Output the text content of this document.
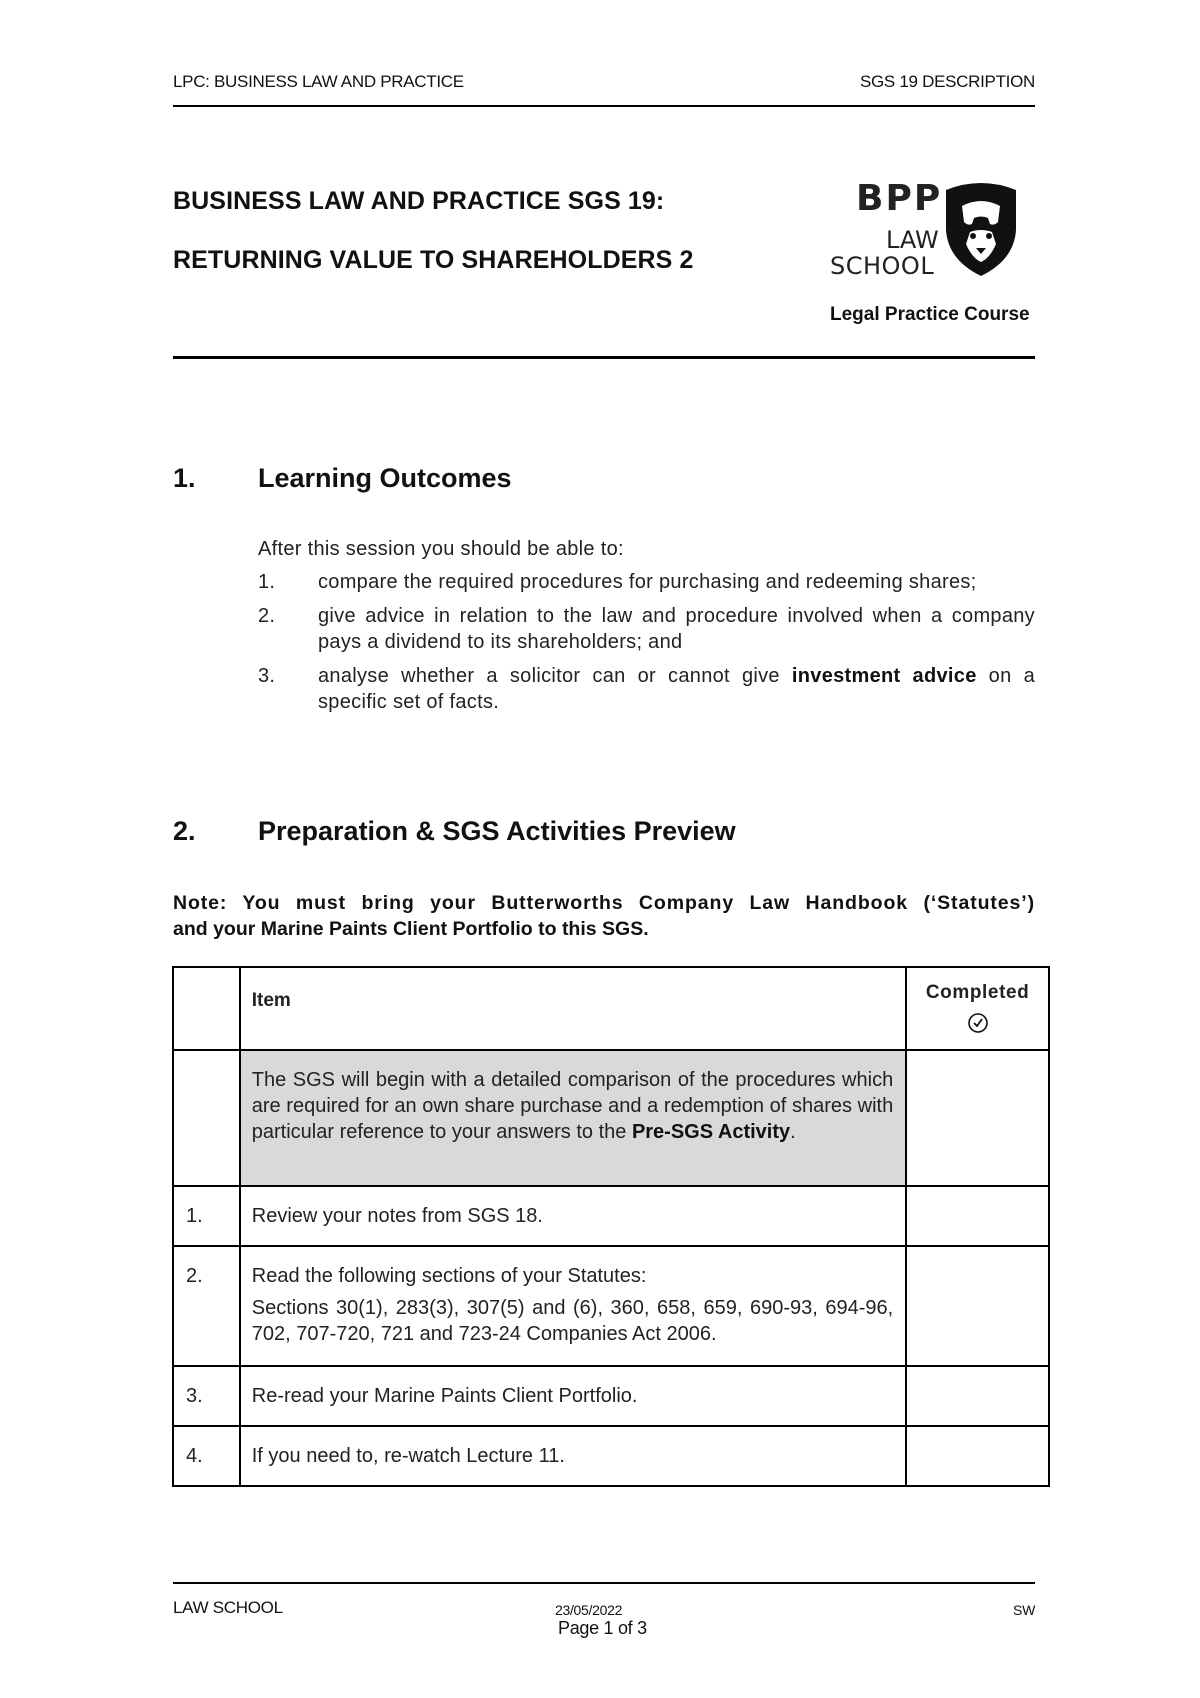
LPC: BUSINESS LAW AND PRACTICE	SGS 19 DESCRIPTION
BUSINESS LAW AND PRACTICE SGS 19:
RETURNING VALUE TO SHAREHOLDERS 2
BPP
LAW
SCHOOL
Legal Practice Course
1. Learning Outcomes
After this session you should be able to:
1. compare the required procedures for purchasing and redeeming shares;
2. give advice in relation to the law and procedure involved when a company pays a dividend to its shareholders; and
3. analyse whether a solicitor can or cannot give investment advice on a specific set of facts.
2. Preparation & SGS Activities Preview
Note: You must bring your Butterworths Company Law Handbook (‘Statutes’)
and your Marine Paints Client Portfolio to this SGS.
	Item	Completed

	The SGS will begin with a detailed comparison of the procedures which are required for an own share purchase and a redemption of shares with particular reference to your answers to the Pre-SGS Activity.	
1.	Review your notes from SGS 18.	
2.	Read the following sections of your Statutes:
Sections 30(1), 283(3), 307(5) and (6), 360, 658, 659, 690-93, 694-96, 702, 707-720, 721 and 723-24 Companies Act 2006.	

3.	Re-read your Marine Paints Client Portfolio.	
4.	If you need to, re-watch Lecture 11.	
LAW SCHOOL	23/05/2022
Page 1 of 3
SW
